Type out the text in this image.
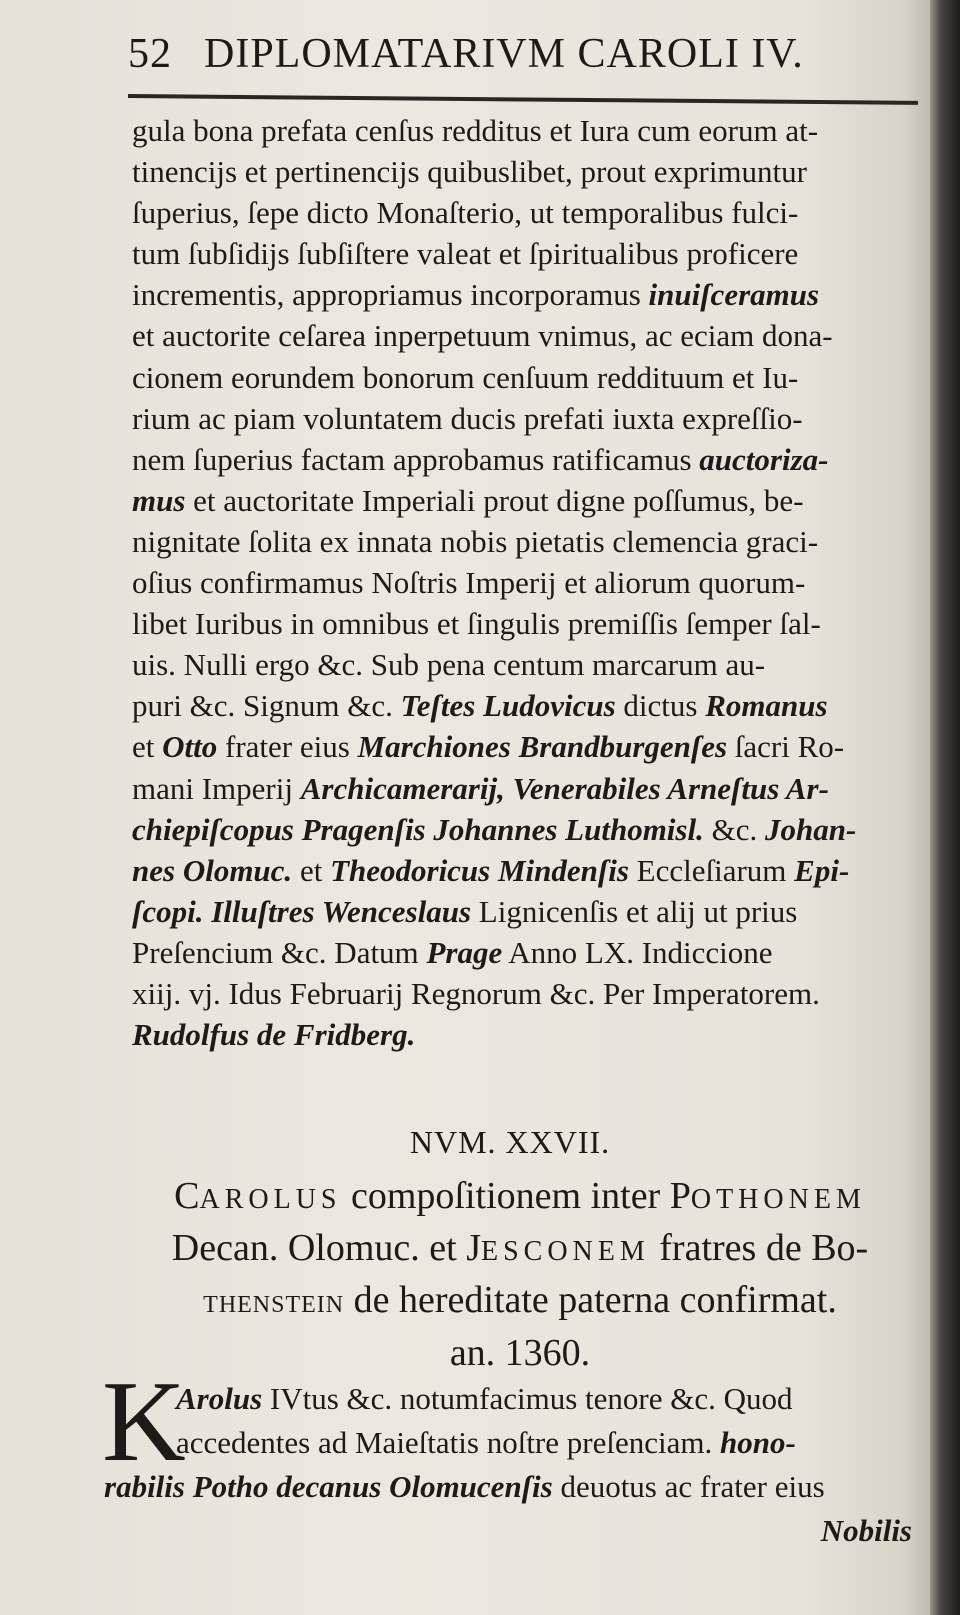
52 DIPLOMATARIVM CAROLI IV.
gula bona prefata cenſus redditus et Iura cum eorum at-
tinencijs et pertinencijs quibuslibet, prout exprimuntur
ſuperius, ſepe dicto Monaſterio, ut temporalibus fulci-
tum ſubſidijs ſubſiſtere valeat et ſpiritualibus proficere
incrementis, appropriamus incorporamus inuiſceramus
et auctorite ceſarea inperpetuum vnimus, ac eciam dona-
cionem eorundem bonorum cenſuum reddituum et Iu-
rium ac piam voluntatem ducis prefati iuxta expreſſio-
nem ſuperius factam approbamus ratificamus auctoriza-
mus et auctoritate Imperiali prout digne poſſumus, be-
nignitate ſolita ex innata nobis pietatis clemencia graci-
oſius confirmamus Noſtris Imperij et aliorum quorum-
libet Iuribus in omnibus et ſingulis premiſſis ſemper ſal-
uis. Nulli ergo &c. Sub pena centum marcarum au-
puri &c. Signum &c. Teſtes Ludovicus dictus Romanus
et Otto frater eius Marchiones Brandburgenſes ſacri Ro-
mani Imperij Archicamerarij, Venerabiles Arneſtus Ar-
chiepiſcopus Pragenſis Johannes Luthomisl. &c. Johan-
nes Olomuc. et Theodoricus Mindenſis Eccleſiarum Epi-
ſcopi. Illuſtres Wenceslaus Lignicenſis et alij ut prius
Preſencium &c. Datum Prage Anno LX. Indiccione
xiij. vj. Idus Februarij Regnorum &c. Per Imperatorem.
Rudolfus de Fridberg.
NVM. XXVII.
CAROLUS compoſitionem inter POTHONEM
Decan. Olomuc. et JESCONEM fratres de Bo-
THENSTEIN de hereditate paterna confirmat.
an. 1360.
K
Arolus IVtus &c. notumfacimus tenore &c. Quod
accedentes ad Maieſtatis noſtre preſenciam. hono-
rabilis Potho decanus Olomucenſis deuotus ac frater eius
Nobilis
